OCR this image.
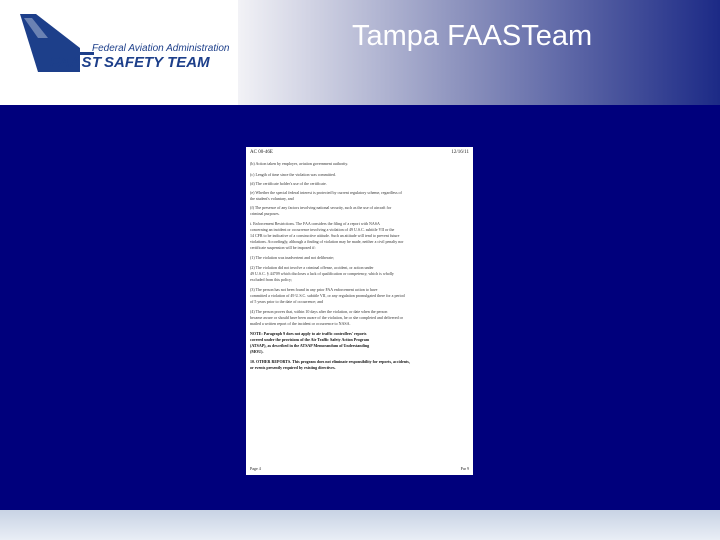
Federal Aviation Administration
FAAST SAFETY TEAM
Tampa FAASTeam
AC 00-46E	12/16/11
(b) Action taken by employer, aviation government authority.
(c) Length of time since the violation was committed.
(d) The certificate holder's use of the certificate.
(e) Whether the special federal interest is protected by current regulatory scheme, regardless of
the student's voluntary, and
(f) The presence of any factors involving national security, such as the use of aircraft for
criminal purposes.
i. Enforcement Restrictions. The FAA considers the filing of a report with NASA
concerning an incident or occurrence involving a violation of 49 U.S.C. subtitle VII or the
14 CFR to be indicative of a constructive attitude. Such an attitude will tend to prevent future
violations. Accordingly, although a finding of violation may be made, neither a civil penalty nor
certificate suspension will be imposed if:
(1) The violation was inadvertent and not deliberate;
(2) The violation did not involve a criminal offense, accident, or action under
49 U.S.C. § 44709 which discloses a lack of qualification or competency, which is wholly
excluded from this policy;
(3) The person has not been found in any prior FAA enforcement action to have
committed a violation of 49 U.S.C. subtitle VII, or any regulation promulgated there for a period
of 5 years prior to the date of occurrence; and
(4) The person proves that, within 10 days after the violation, or date when the person
became aware or should have been aware of the violation, he or she completed and delivered or
mailed a written report of the incident or occurrence to NASA.
NOTE: Paragraph 9 does not apply to air traffic controllers' reports
covered under the provisions of the Air Traffic Safety Action Program
(ATSAP), as described in the ATSAP Memorandum of Understanding
(MOU).
10. OTHER REPORTS. This program does not eliminate responsibility for reports, accidents,
or events presently required by existing directives.
Page 4	Par 9
